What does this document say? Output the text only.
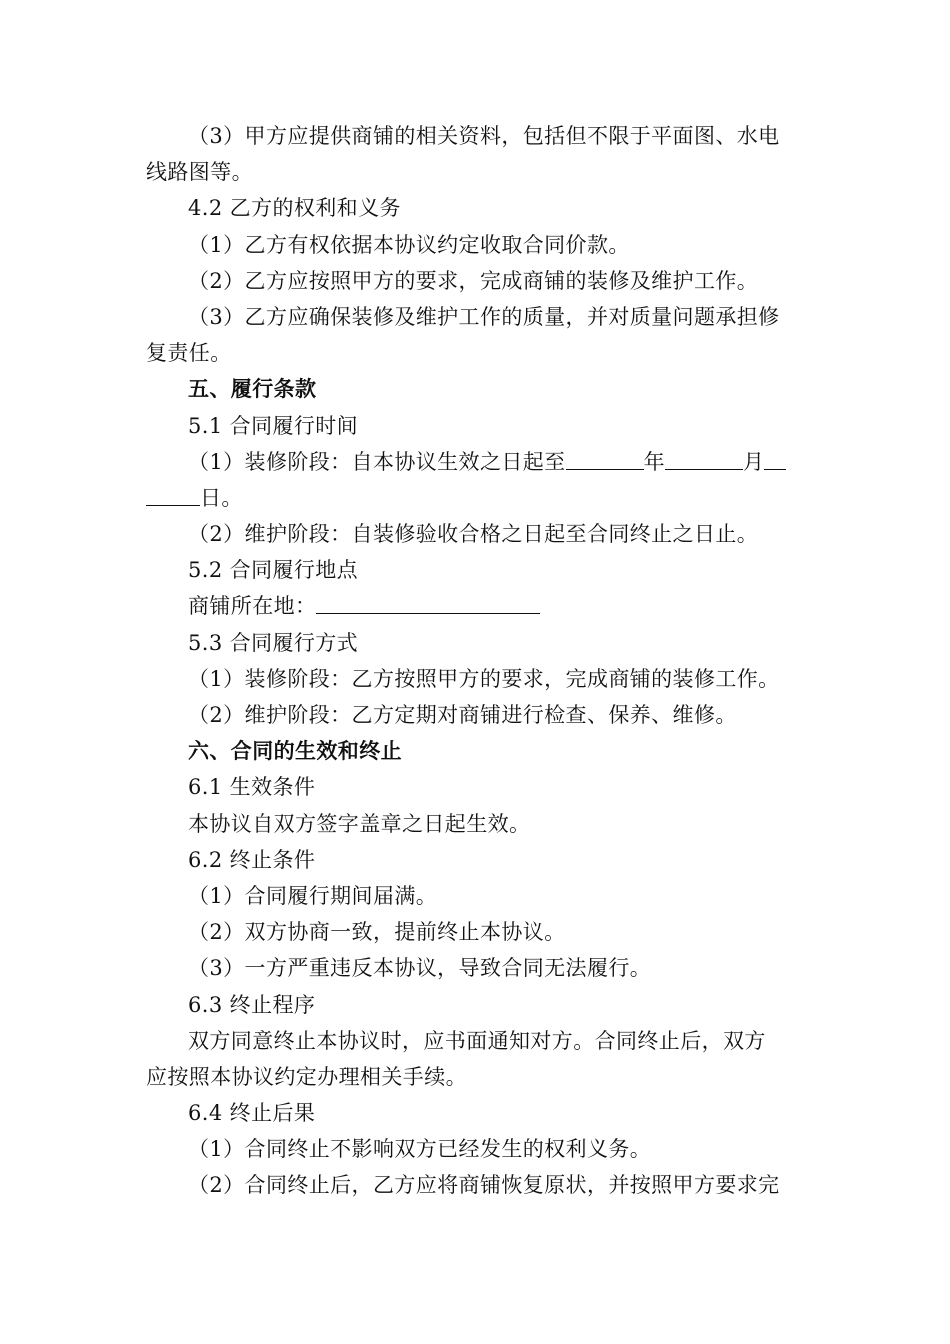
（3）甲方应提供商铺的相关资料，包括但不限于平面图、水电
线路图等。
4.2 乙方的权利和义务
（1）乙方有权依据本协议约定收取合同价款。
（2）乙方应按照甲方的要求，完成商铺的装修及维护工作。
（3）乙方应确保装修及维护工作的质量，并对质量问题承担修
复责任。
五、履行条款
5.1 合同履行时间
（1）装修阶段：自本协议生效之日起至	年	月
日。
（2）维护阶段：自装修验收合格之日起至合同终止之日止。
5.2 合同履行地点
商铺所在地：
5.3 合同履行方式
（1）装修阶段：乙方按照甲方的要求，完成商铺的装修工作。
（2）维护阶段：乙方定期对商铺进行检查、保养、维修。
六、合同的生效和终止
6.1 生效条件
本协议自双方签字盖章之日起生效。
6.2 终止条件
（1）合同履行期间届满。
（2）双方协商一致，提前终止本协议。
（3）一方严重违反本协议，导致合同无法履行。
6.3 终止程序
双方同意终止本协议时，应书面通知对方。合同终止后，双方
应按照本协议约定办理相关手续。
6.4 终止后果
（1）合同终止不影响双方已经发生的权利义务。
（2）合同终止后，乙方应将商铺恢复原状，并按照甲方要求完
